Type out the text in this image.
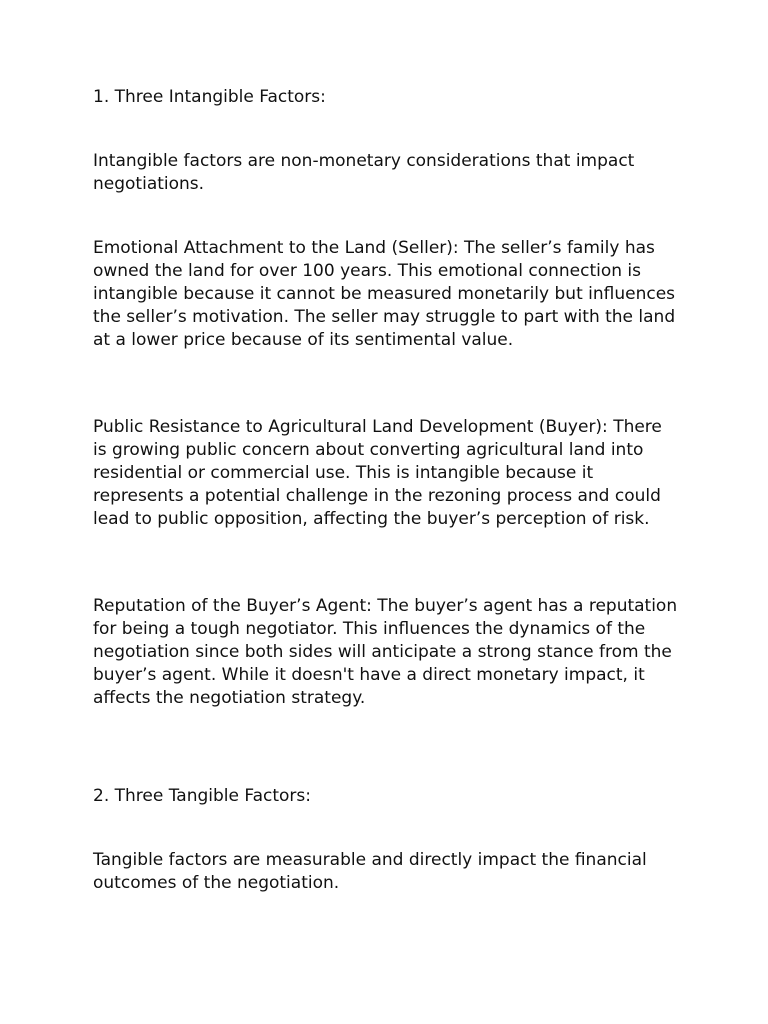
1. Three Intangible Factors:

Intangible factors are non-monetary considerations that impact negotiations.

Emotional Attachment to the Land (Seller): The seller’s family has owned the land for over 100 years. This emotional connection is intangible because it cannot be measured monetarily but influences the seller’s motivation. The seller may struggle to part with the land at a lower price because of its sentimental value.

Public Resistance to Agricultural Land Development (Buyer): There is growing public concern about converting agricultural land into residential or commercial use. This is intangible because it represents a potential challenge in the rezoning process and could lead to public opposition, affecting the buyer’s perception of risk.

Reputation of the Buyer’s Agent: The buyer’s agent has a reputation for being a tough negotiator. This influences the dynamics of the negotiation since both sides will anticipate a strong stance from the buyer’s agent. While it doesn't have a direct monetary impact, it affects the negotiation strategy.

2. Three Tangible Factors:

Tangible factors are measurable and directly impact the financial outcomes of the negotiation.
